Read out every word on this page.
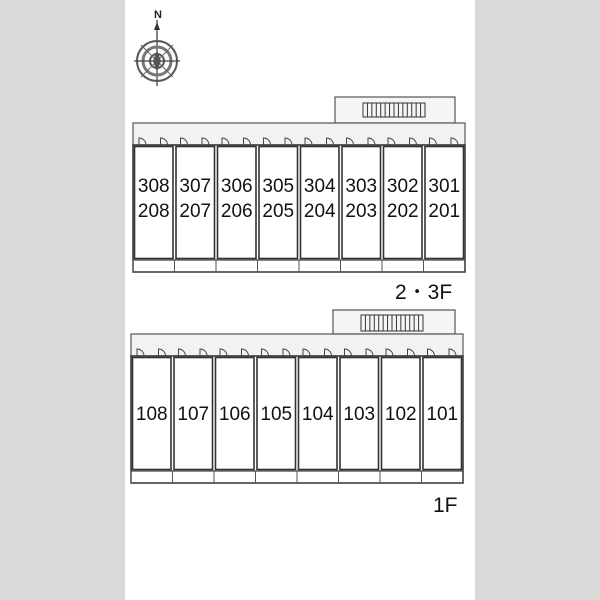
N
308
208
307
207
306
206
305
205
304
204
303
203
302
202
301
201
108 107 106 105 104 103 102 101
2・3F
1F
